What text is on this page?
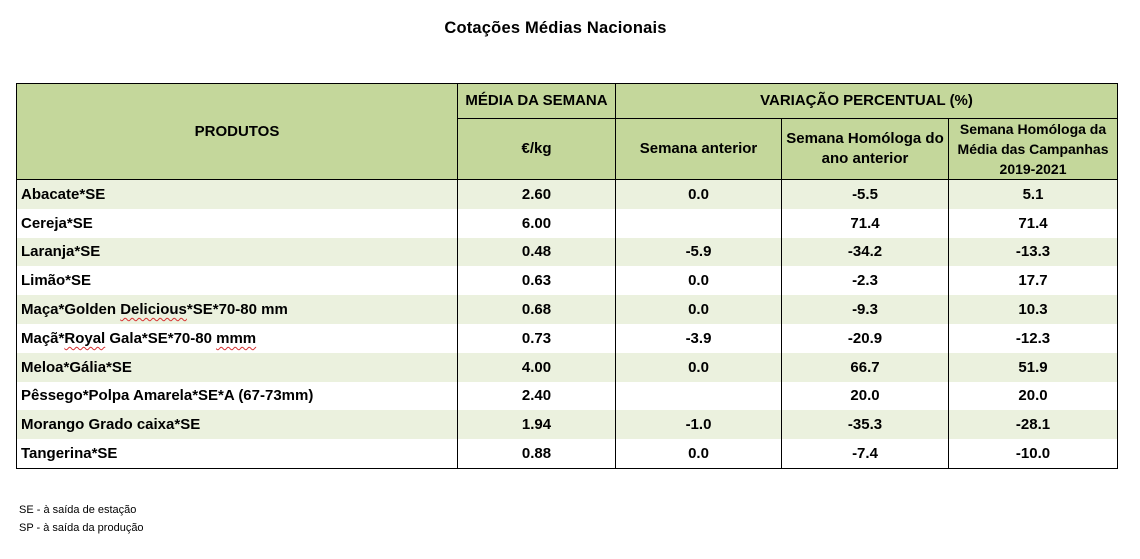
Cotações Médias Nacionais
PRODUTOS	MÉDIA DA SEMANA	VARIAÇÃO PERCENTUAL (%)		
		Semana anterior	Semana Homóloga do ano anterior	Semana Homóloga da Média das Campanhas 2019-2021
	€/kg			
Abacate*SE	2.60	0.0	-5.5	5.1
Cereja*SE	6.00		71.4	71.4
Laranja*SE	0.48	-5.9	-34.2	-13.3
Limão*SE	0.63	0.0	-2.3	17.7
Maça*Golden Delicious*SE*70-80 mm	0.68	0.0	-9.3	10.3
Maçã*Royal Gala*SE*70-80 mmm	0.73	-3.9	-20.9	-12.3
Meloa*Gália*SE	4.00	0.0	66.7	51.9
Pêssego*Polpa Amarela*SE*A (67-73mm)	2.40		20.0	20.0
Morango Grado caixa*SE	1.94	-1.0	-35.3	-28.1
Tangerina*SE	0.88	0.0	-7.4	-10.0
SE - à saída de estação
SP - à saída da produção
